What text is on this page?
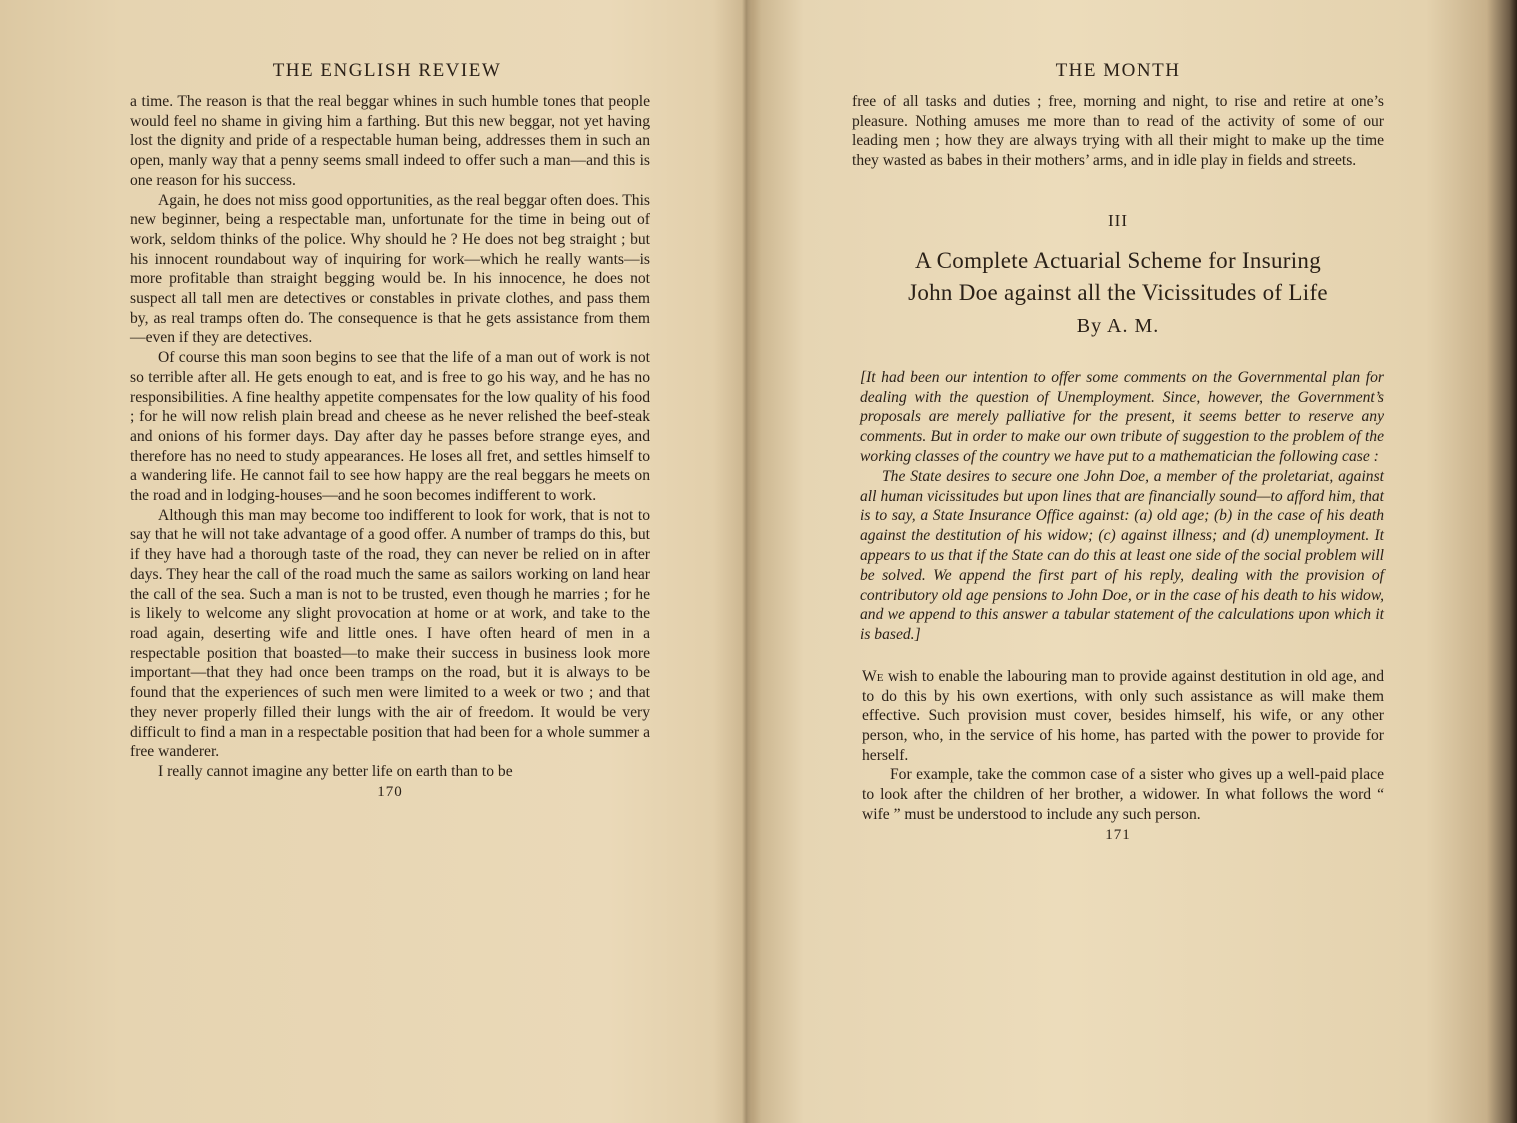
THE ENGLISH REVIEW

a time. The reason is that the real beggar whines in such humble tones that people would feel no shame in giving him a farthing. But this new beggar, not yet having lost the dignity and pride of a respectable human being, addresses them in such an open, manly way that a penny seems small indeed to offer such a man—and this is one reason for his success.

Again, he does not miss good opportunities, as the real beggar often does. This new beginner, being a respectable man, unfortunate for the time in being out of work, seldom thinks of the police. Why should he ? He does not beg straight ; but his innocent roundabout way of inquiring for work—which he really wants—is more profitable than straight begging would be. In his innocence, he does not suspect all tall men are detectives or constables in private clothes, and pass them by, as real tramps often do. The consequence is that he gets assistance from them—even if they are detectives.

Of course this man soon begins to see that the life of a man out of work is not so terrible after all. He gets enough to eat, and is free to go his way, and he has no responsibilities. A fine healthy appetite compensates for the low quality of his food ; for he will now relish plain bread and cheese as he never relished the beef-steak and onions of his former days. Day after day he passes before strange eyes, and therefore has no need to study appearances. He loses all fret, and settles himself to a wandering life. He cannot fail to see how happy are the real beggars he meets on the road and in lodging-houses—and he soon becomes indifferent to work.

Although this man may become too indifferent to look for work, that is not to say that he will not take advantage of a good offer. A number of tramps do this, but if they have had a thorough taste of the road, they can never be relied on in after days. They hear the call of the road much the same as sailors working on land hear the call of the sea. Such a man is not to be trusted, even though he marries ; for he is likely to welcome any slight provocation at home or at work, and take to the road again, deserting wife and little ones. I have often heard of men in a respectable position that boasted—to make their success in business look more important—that they had once been tramps on the road, but it is always to be found that the experiences of such men were limited to a week or two ; and that they never properly filled their lungs with the air of freedom. It would be very difficult to find a man in a respectable position that had been for a whole summer a free wanderer.

I really cannot imagine any better life on earth than to be

170
THE MONTH

free of all tasks and duties ; free, morning and night, to rise and retire at one’s pleasure. Nothing amuses me more than to read of the activity of some of our leading men ; how they are always trying with all their might to make up the time they wasted as babes in their mothers’ arms, and in idle play in fields and streets.

III
A Complete Actuarial Scheme for Insuring
John Doe against all the Vicissitudes of Life
By A. M.

[It had been our intention to offer some comments on the Governmental plan for dealing with the question of Unemployment. Since, however, the Government’s proposals are merely palliative for the present, it seems better to reserve any comments. But in order to make our own tribute of suggestion to the problem of the working classes of the country we have put to a mathematician the following case :

The State desires to secure one John Doe, a member of the proletariat, against all human vicissitudes but upon lines that are financially sound—to afford him, that is to say, a State Insurance Office against: (a) old age; (b) in the case of his death against the destitution of his widow; (c) against illness; and (d) unemployment. It appears to us that if the State can do this at least one side of the social problem will be solved. We append the first part of his reply, dealing with the provision of contributory old age pensions to John Doe, or in the case of his death to his widow, and we append to this answer a tabular statement of the calculations upon which it is based.]

We wish to enable the labouring man to provide against destitution in old age, and to do this by his own exertions, with only such assistance as will make them effective. Such provision must cover, besides himself, his wife, or any other person, who, in the service of his home, has parted with the power to provide for herself.

For example, take the common case of a sister who gives up a well-paid place to look after the children of her brother, a widower. In what follows the word “ wife ” must be understood to include any such person.

171
